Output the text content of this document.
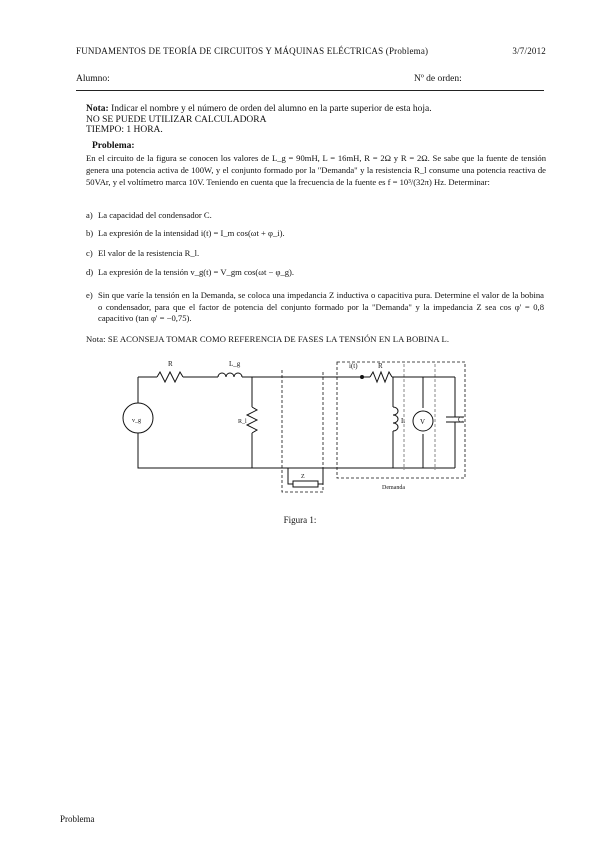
FUNDAMENTOS DE TEORÍA DE CIRCUITOS Y MÁQUINAS ELÉCTRICAS (Problema)	3/7/2012
Alumno:	Nº de orden:
Nota: Indicar el nombre y el número de orden del alumno en la parte superior de esta hoja.
NO SE PUEDE UTILIZAR CALCULADORA
TIEMPO: 1 HORA.
Problema:
En el circuito de la figura se conocen los valores de L_g = 90mH, L = 16mH, R = 2Ω y R = 2Ω. Se sabe que la fuente de tensión genera una potencia activa de 100W, y el conjunto formado por la "Demanda" y la resistencia R_l consume una potencia reactiva de 50VAr, y el voltímetro marca 10V. Teniendo en cuenta que la frecuencia de la fuente es f = 10³/(32π) Hz. Determinar:
a) La capacidad del condensador C.
b) La expresión de la intensidad i(t) = I_m cos(ωt + φ_i).
c) El valor de la resistencia R_l.
d) La expresión de la tensión v_g(t) = V_gm cos(ωt − φ_g).
e) Sin que varíe la tensión en la Demanda, se coloca una impedancia Z inductiva o capacitiva pura. Determine el valor de la bobina o condensador, para que el factor de potencia del conjunto formado por la "Demanda" y la impedancia Z sea cos φ' = 0,8 capacitivo (tan φ' = −0,75).
Nota: SE ACONSEJA TOMAR COMO REFERENCIA DE FASES LA TENSIÓN EN LA BOBINA L.
v_g
R	L_g
R_l
Z
i(t)	R
L V	C
Demanda
Figura 1:
Problema
